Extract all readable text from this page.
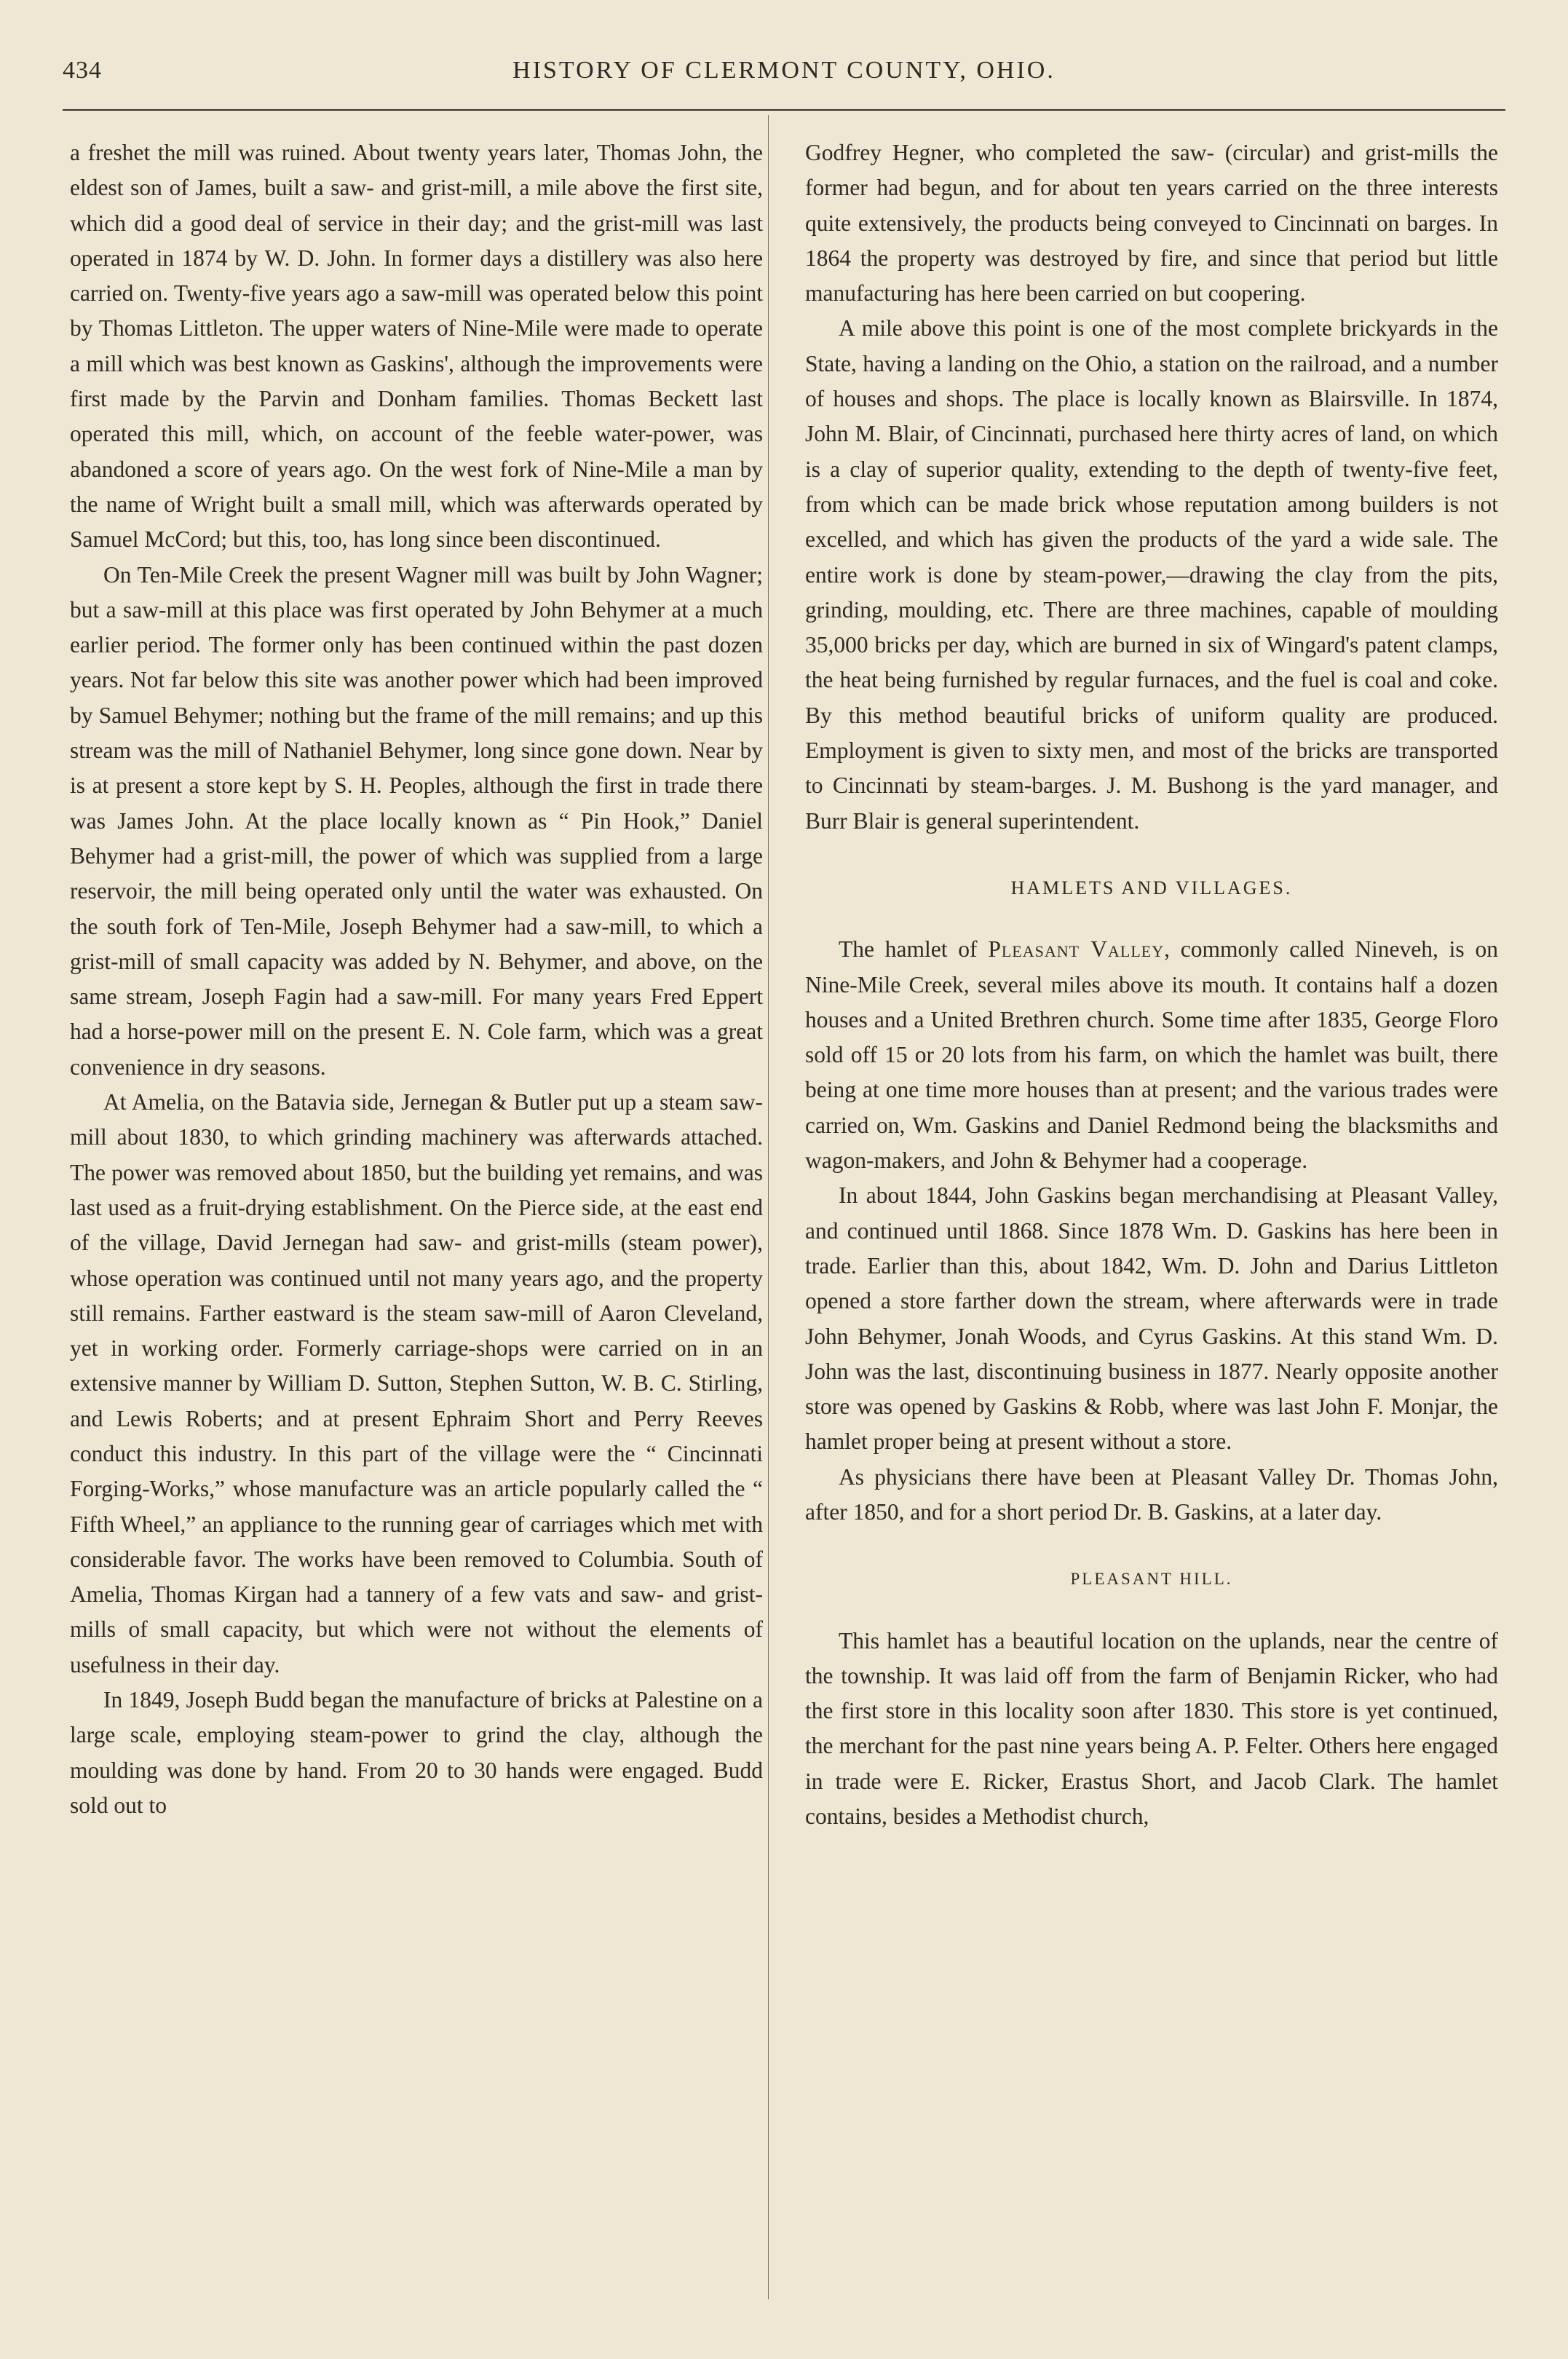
434	HISTORY OF CLERMONT COUNTY, OHIO.

a freshet the mill was ruined. About twenty years later, Thomas John, the eldest son of James, built a saw- and grist-mill, a mile above the first site, which did a good deal of service in their day; and the grist-mill was last operated in 1874 by W. D. John. In former days a distillery was also here carried on. Twenty-five years ago a saw-mill was operated below this point by Thomas Littleton. The upper waters of Nine-Mile were made to operate a mill which was best known as Gaskins', although the improvements were first made by the Parvin and Donham families. Thomas Beckett last operated this mill, which, on account of the feeble water-power, was abandoned a score of years ago. On the west fork of Nine-Mile a man by the name of Wright built a small mill, which was afterwards operated by Samuel McCord; but this, too, has long since been discontinued.

On Ten-Mile Creek the present Wagner mill was built by John Wagner; but a saw-mill at this place was first operated by John Behymer at a much earlier period. The former only has been continued within the past dozen years. Not far below this site was another power which had been improved by Samuel Behymer; nothing but the frame of the mill remains; and up this stream was the mill of Nathaniel Behymer, long since gone down. Near by is at present a store kept by S. H. Peoples, although the first in trade there was James John. At the place locally known as “ Pin Hook,” Daniel Behymer had a grist-mill, the power of which was supplied from a large reservoir, the mill being operated only until the water was exhausted. On the south fork of Ten-Mile, Joseph Behymer had a saw-mill, to which a grist-mill of small capacity was added by N. Behymer, and above, on the same stream, Joseph Fagin had a saw-mill. For many years Fred Eppert had a horse-power mill on the present E. N. Cole farm, which was a great convenience in dry seasons.

At Amelia, on the Batavia side, Jernegan & Butler put up a steam saw-mill about 1830, to which grinding machinery was afterwards attached. The power was removed about 1850, but the building yet remains, and was last used as a fruit-drying establishment. On the Pierce side, at the east end of the village, David Jernegan had saw- and grist-mills (steam power), whose operation was continued until not many years ago, and the property still remains. Farther eastward is the steam saw-mill of Aaron Cleveland, yet in working order. Formerly carriage-shops were carried on in an extensive manner by William D. Sutton, Stephen Sutton, W. B. C. Stirling, and Lewis Roberts; and at present Ephraim Short and Perry Reeves conduct this industry. In this part of the village were the “ Cincinnati Forging-Works,” whose manufacture was an article popularly called the “ Fifth Wheel,” an appliance to the running gear of carriages which met with considerable favor. The works have been removed to Columbia. South of Amelia, Thomas Kirgan had a tannery of a few vats and saw- and grist-mills of small capacity, but which were not without the elements of usefulness in their day.

In 1849, Joseph Budd began the manufacture of bricks at Palestine on a large scale, employing steam-power to grind the clay, although the moulding was done by hand. From 20 to 30 hands were engaged. Budd sold out to

Godfrey Hegner, who completed the saw- (circular) and grist-mills the former had begun, and for about ten years carried on the three interests quite extensively, the products being conveyed to Cincinnati on barges. In 1864 the property was destroyed by fire, and since that period but little manufacturing has here been carried on but coopering.

A mile above this point is one of the most complete brickyards in the State, having a landing on the Ohio, a station on the railroad, and a number of houses and shops. The place is locally known as Blairsville. In 1874, John M. Blair, of Cincinnati, purchased here thirty acres of land, on which is a clay of superior quality, extending to the depth of twenty-five feet, from which can be made brick whose reputation among builders is not excelled, and which has given the products of the yard a wide sale. The entire work is done by steam-power,—drawing the clay from the pits, grinding, moulding, etc. There are three machines, capable of moulding 35,000 bricks per day, which are burned in six of Wingard's patent clamps, the heat being furnished by regular furnaces, and the fuel is coal and coke. By this method beautiful bricks of uniform quality are produced. Employment is given to sixty men, and most of the bricks are transported to Cincinnati by steam-barges. J. M. Bushong is the yard manager, and Burr Blair is general superintendent.

HAMLETS AND VILLAGES.

The hamlet of Pleasant Valley, commonly called Nineveh, is on Nine-Mile Creek, several miles above its mouth. It contains half a dozen houses and a United Brethren church. Some time after 1835, George Floro sold off 15 or 20 lots from his farm, on which the hamlet was built, there being at one time more houses than at present; and the various trades were carried on, Wm. Gaskins and Daniel Redmond being the blacksmiths and wagon-makers, and John & Behymer had a cooperage.

In about 1844, John Gaskins began merchandising at Pleasant Valley, and continued until 1868. Since 1878 Wm. D. Gaskins has here been in trade. Earlier than this, about 1842, Wm. D. John and Darius Littleton opened a store farther down the stream, where afterwards were in trade John Behymer, Jonah Woods, and Cyrus Gaskins. At this stand Wm. D. John was the last, discontinuing business in 1877. Nearly opposite another store was opened by Gaskins & Robb, where was last John F. Monjar, the hamlet proper being at present without a store.

As physicians there have been at Pleasant Valley Dr. Thomas John, after 1850, and for a short period Dr. B. Gaskins, at a later day.

PLEASANT HILL.

This hamlet has a beautiful location on the uplands, near the centre of the township. It was laid off from the farm of Benjamin Ricker, who had the first store in this locality soon after 1830. This store is yet continued, the merchant for the past nine years being A. P. Felter. Others here engaged in trade were E. Ricker, Erastus Short, and Jacob Clark. The hamlet contains, besides a Methodist church,
